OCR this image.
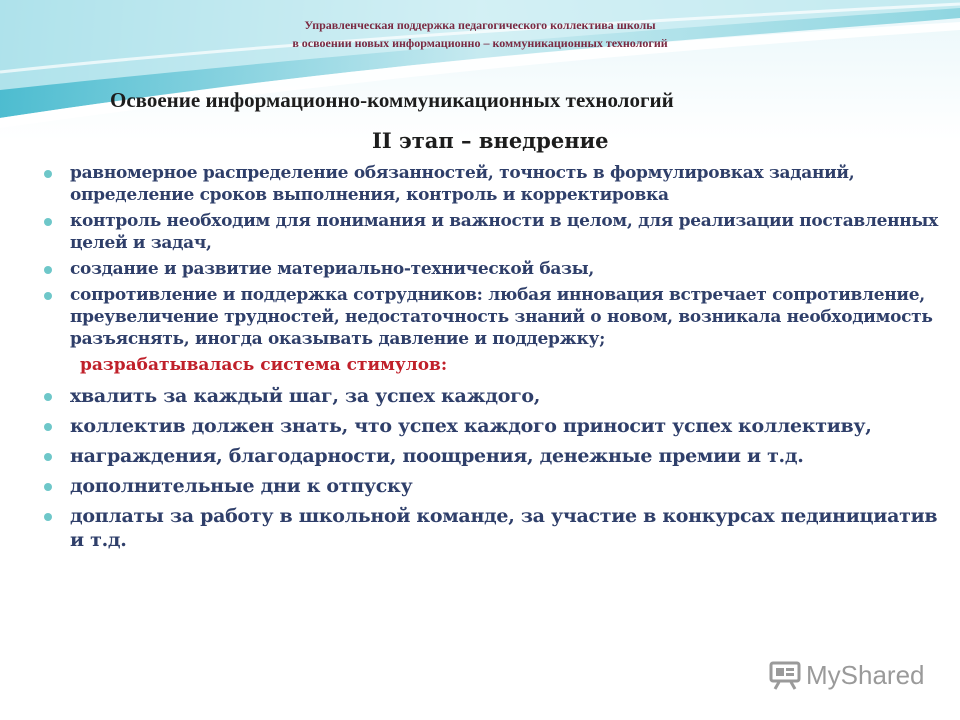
Управленческая поддержка педагогического коллектива школы
в освоении новых информационно – коммуникационных технологий
Освоение информационно-коммуникационных технологий
II этап – внедрение
равномерное распределение обязанностей, точность в формулировках заданий, определение сроков выполнения, контроль и корректировка
контроль необходим для понимания и важности в целом, для реализации поставленных целей и задач,
создание и развитие материально-технической базы,
сопротивление и поддержка сотрудников: любая инновация встречает сопротивление, преувеличение трудностей, недостаточность знаний о новом, возникала необходимость разъяснять, иногда оказывать давление и поддержку;
разрабатывалась система стимулов:
хвалить за каждый шаг, за успех каждого,
коллектив должен знать, что успех каждого приносит успех коллективу,
награждения, благодарности, поощрения, денежные премии и т.д.
дополнительные дни к отпуску
доплаты за работу в школьной команде, за участие в конкурсах пединициатив и т.д.
MyShared
